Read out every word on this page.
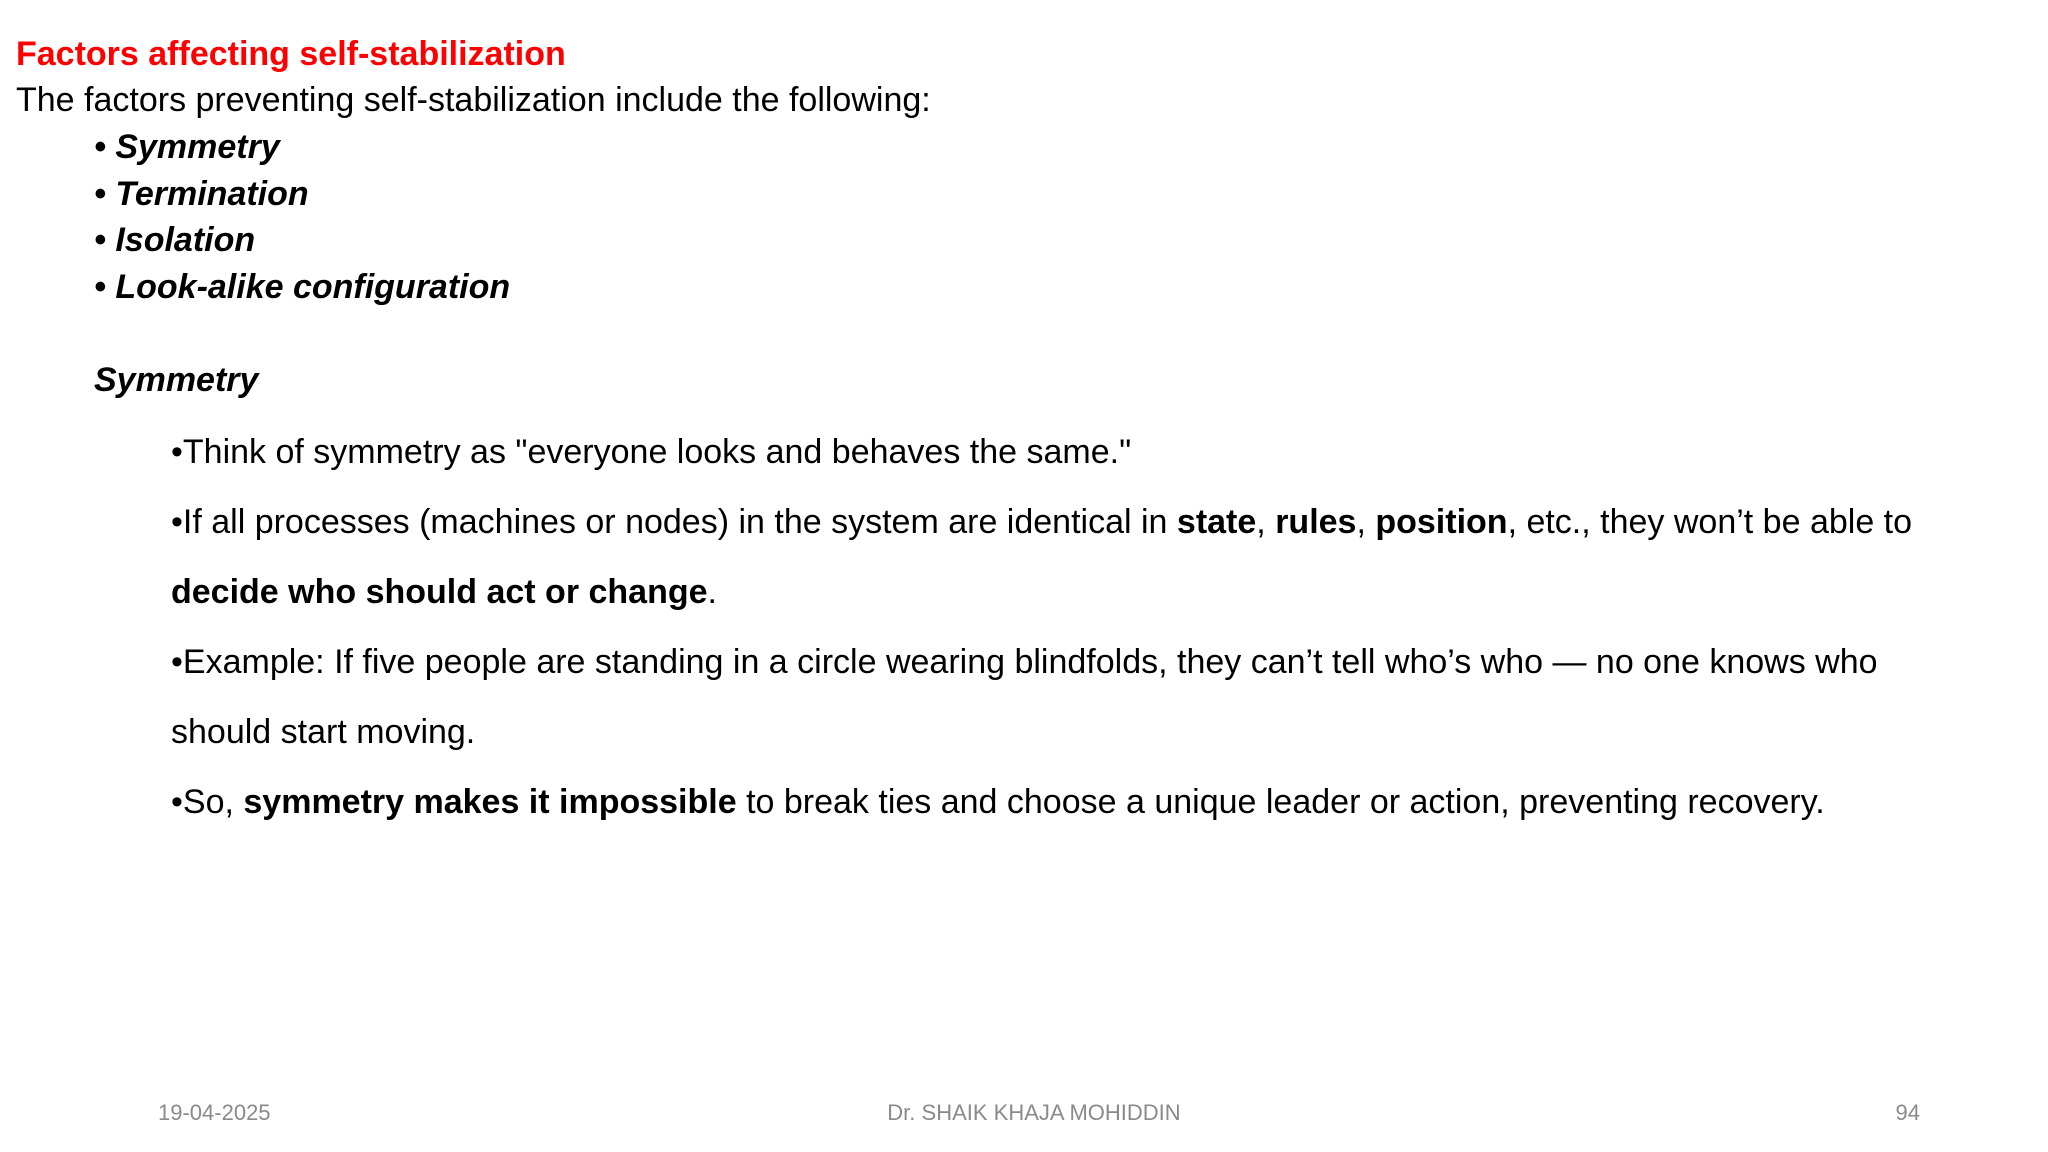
Factors affecting self-stabilization
The factors preventing self-stabilization include the following:
• Symmetry
• Termination
• Isolation
• Look-alike configuration
Symmetry
•Think of symmetry as "everyone looks and behaves the same."
•If all processes (machines or nodes) in the system are identical in state, rules, position, etc., they won’t be able to
decide who should act or change.
•Example: If five people are standing in a circle wearing blindfolds, they can’t tell who’s who — no one knows who
should start moving.
•So, symmetry makes it impossible to break ties and choose a unique leader or action, preventing recovery.
19-04-2025	Dr. SHAIK KHAJA MOHIDDIN	94
